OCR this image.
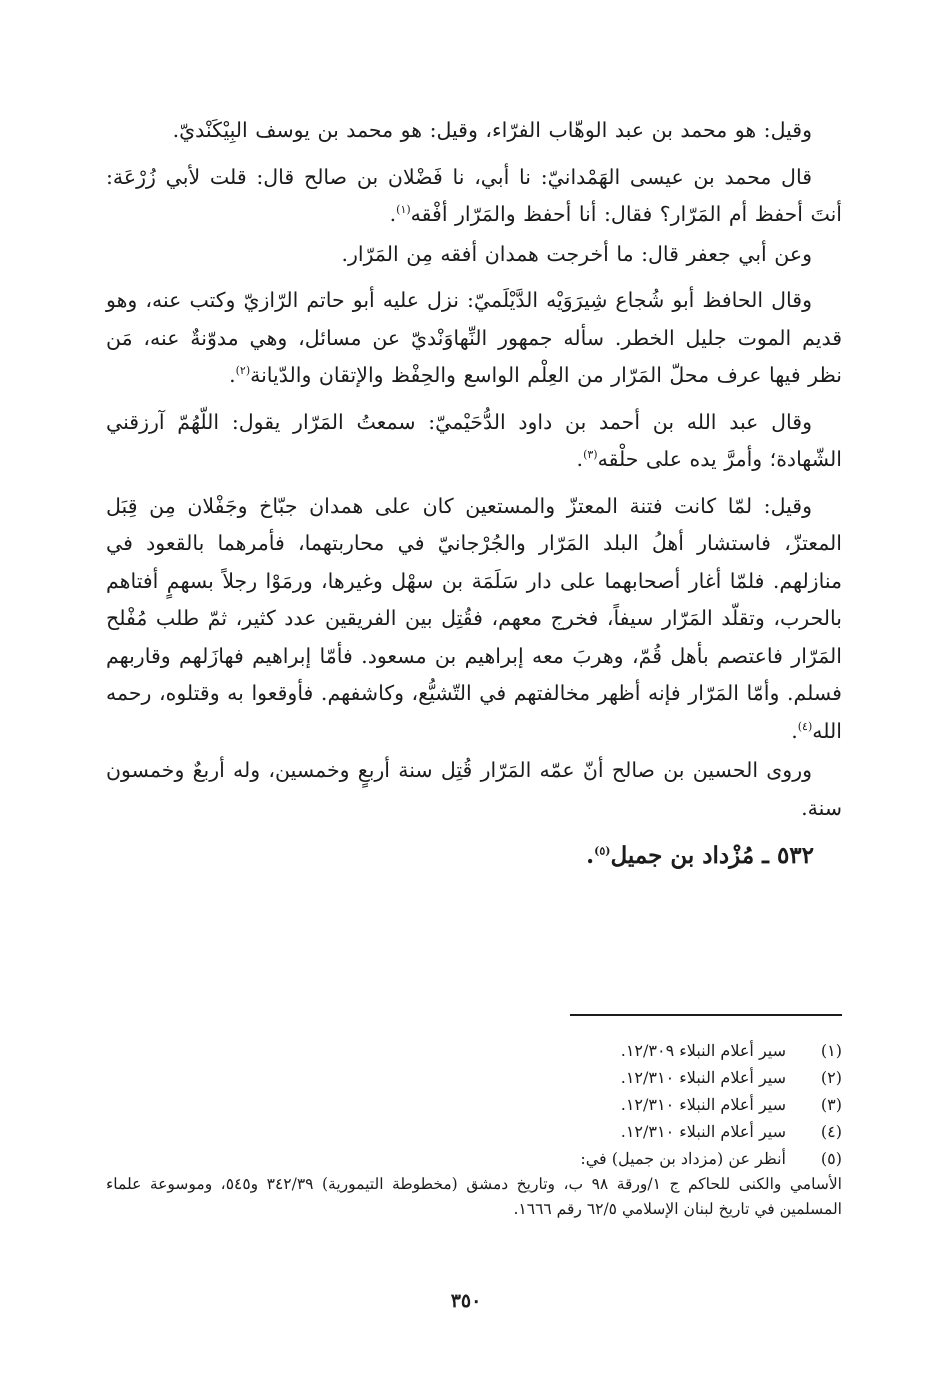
وقيل: هو محمد بن عبد الوهّاب الفرّاء، وقيل: هو محمد بن يوسف البِيْكَنْديّ.

قال محمد بن عيسى الهَمْدانيّ: نا أبي، نا فَضْلان بن صالح قال: قلت لأبي زُرْعَة: أنتَ أحفظ أم المَرّار؟ فقال: أنا أحفظ والمَرّار أفْقه$^{(١)}$.

وعن أبي جعفر قال: ما أخرجت همدان أفقه مِن المَرّار.

وقال الحافظ أبو شُجاع شِيرَوَيْه الدَّيْلَميّ: نزل عليه أبو حاتم الرّازيّ وكتب عنه، وهو قديم الموت جليل الخطر. سأله جمهور النِّهاوَنْديّ عن مسائل، وهي مدوّنةٌ عنه، مَن نظر فيها عرف محلّ المَرّار من العِلْم الواسع والحِفْظ والإتقان والدّيانة$^{(٢)}$.

وقال عبد الله بن أحمد بن داود الدُّحَيْميّ: سمعتُ المَرّار يقول: اللّهُمّ آرزقني الشّهادة؛ وأمرَّ يده على حلْقه$^{(٣)}$.

وقيل: لمّا كانت فتنة المعتزّ والمستعين كان على همدان جبّاخ وجَفْلان مِن قِبَل المعتزّ، فاستشار أهلُ البلد المَرّار والجُرْجانيّ في محاربتهما، فأمرهما بالقعود في منازلهم. فلمّا أغار أصحابهما على دار سَلَمَة بن سهْل وغيرها، ورمَوْا رجلاً بسهمٍ أفتاهم بالحرب، وتقلّد المَرّار سيفاً، فخرج معهم، فقُتِل بين الفريقين عدد كثير، ثمّ طلب مُفْلح المَرّار فاعتصم بأهل قُمّ، وهربَ معه إبراهيم بن مسعود. فأمّا إبراهيم فهازَلهم وقاربهم فسلم. وأمّا المَرّار فإنه أظهر مخالفتهم في التّشيُّع، وكاشفهم. فأوقعوا به وقتلوه، رحمه الله$^{(٤)}$.

وروى الحسين بن صالح أنّ عمّه المَرّار قُتِل سنة أربعٍ وخمسين، وله أربعٌ وخمسون سنة.

٥٣٢ ـ مُزْداد بن جميل$^{(٥)}$.

(١)
سير أعلام النبلاء ١٢/٣٠٩.
(٢)
سير أعلام النبلاء ١٢/٣١٠.
(٣)
سير أعلام النبلاء ١٢/٣١٠.
(٤)
سير أعلام النبلاء ١٢/٣١٠.
(٥)
أنظر عن (مزداد بن جميل) في:

الأسامي والكنى للحاكم ج ١/ورقة ٩٨ ب، وتاريخ دمشق (مخطوطة التيمورية) ٣٤٢/٣٩ و٥٤٥، وموسوعة علماء المسلمين في تاريخ لبنان الإسلامي ٦٢/٥ رقم ١٦٦٦.

٣٥٠
